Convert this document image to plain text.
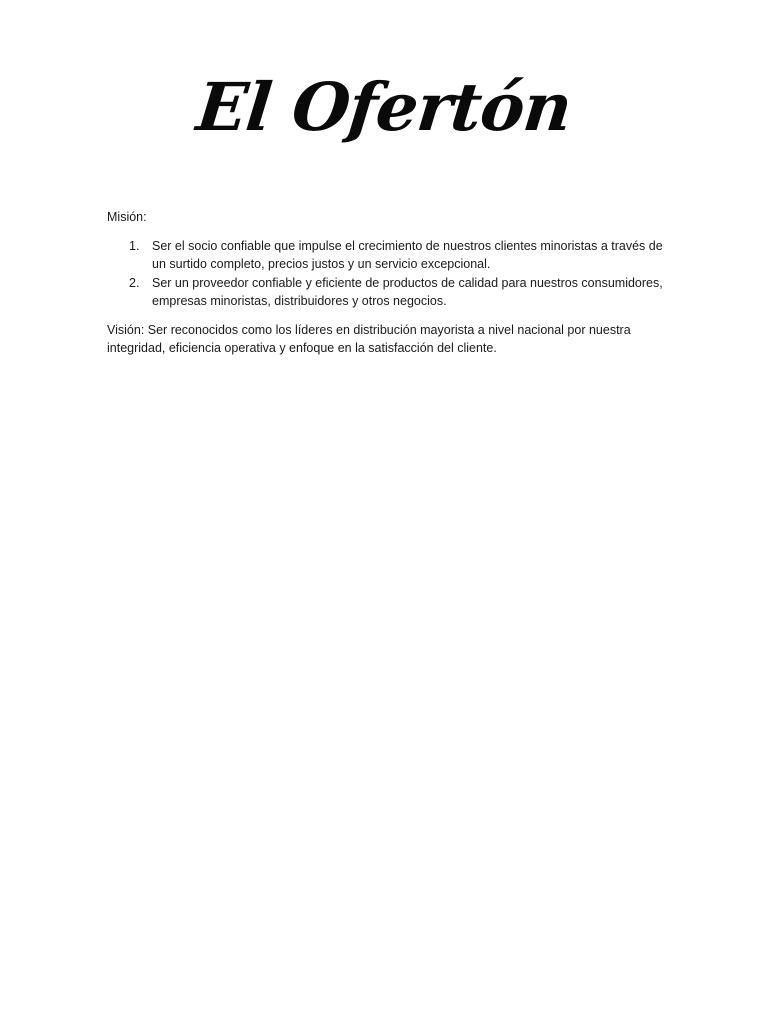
El Ofertón

Misión:

1. Ser el socio confiable que impulse el crecimiento de nuestros clientes minoristas a través de un surtido completo, precios justos y un servicio excepcional.
2. Ser un proveedor confiable y eficiente de productos de calidad para nuestros consumidores, empresas minoristas, distribuidores y otros negocios.

Visión: Ser reconocidos como los líderes en distribución mayorista a nivel nacional por nuestra integridad, eficiencia operativa y enfoque en la satisfacción del cliente.
